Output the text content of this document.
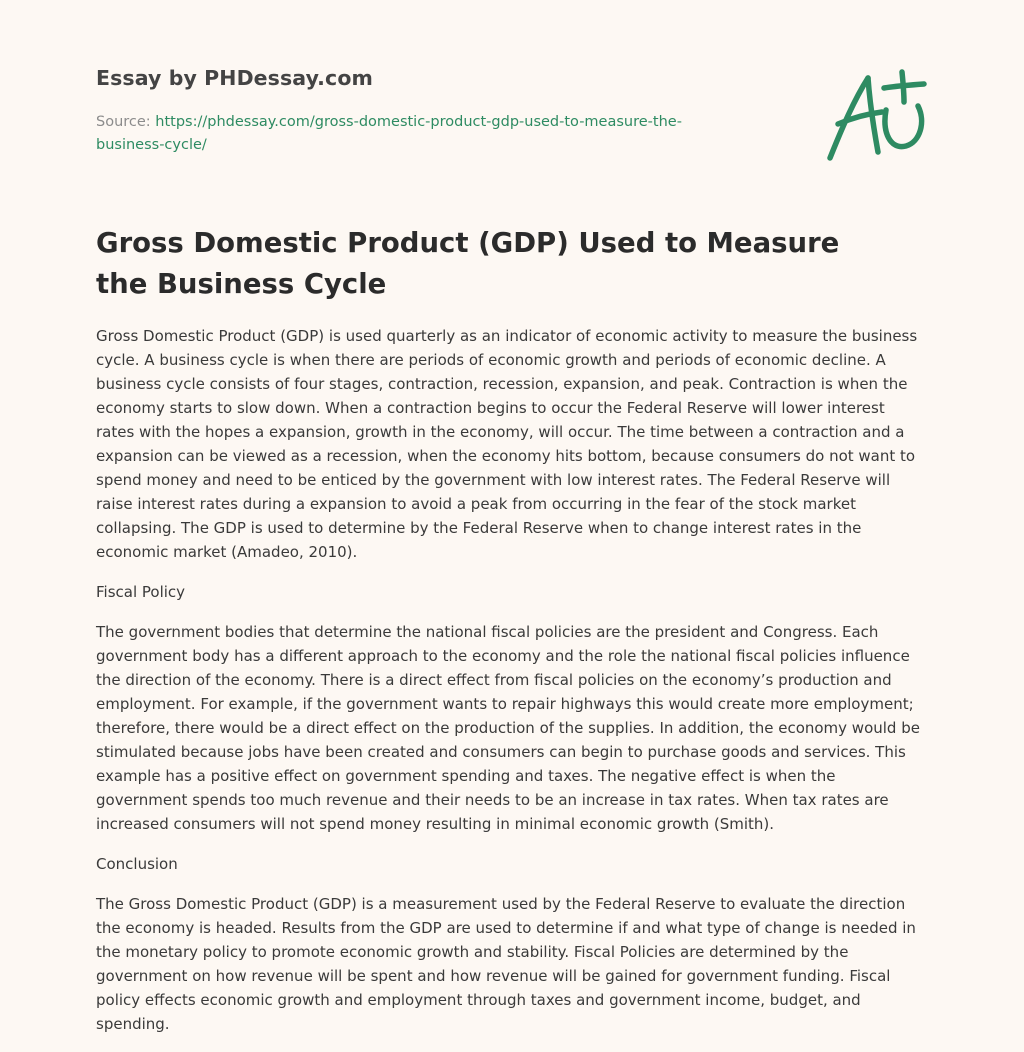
Essay by PHDessay.com
Source: https://phdessay.com/gross-domestic-product-gdp-used-to-measure-the-business-cycle/
Gross Domestic Product (GDP) Used to Measure the Business Cycle

Gross Domestic Product (GDP) is used quarterly as an indicator of economic activity to measure the business cycle. A business cycle is when there are periods of economic growth and periods of economic decline. A business cycle consists of four stages, contraction, recession, expansion, and peak. Contraction is when the economy starts to slow down. When a contraction begins to occur the Federal Reserve will lower interest rates with the hopes a expansion, growth in the economy, will occur. The time between a contraction and a expansion can be viewed as a recession, when the economy hits bottom, because consumers do not want to spend money and need to be enticed by the government with low interest rates. The Federal Reserve will raise interest rates during a expansion to avoid a peak from occurring in the fear of the stock market collapsing. The GDP is used to determine by the Federal Reserve when to change interest rates in the economic market (Amadeo, 2010).

Fiscal Policy

The government bodies that determine the national fiscal policies are the president and Congress. Each government body has a different approach to the economy and the role the national fiscal policies influence the direction of the economy. There is a direct effect from fiscal policies on the economy’s production and employment. For example, if the government wants to repair highways this would create more employment; therefore, there would be a direct effect on the production of the supplies. In addition, the economy would be stimulated because jobs have been created and consumers can begin to purchase goods and services. This example has a positive effect on government spending and taxes. The negative effect is when the government spends too much revenue and their needs to be an increase in tax rates. When tax rates are increased consumers will not spend money resulting in minimal economic growth (Smith).

Conclusion

The Gross Domestic Product (GDP) is a measurement used by the Federal Reserve to evaluate the direction the economy is headed. Results from the GDP are used to determine if and what type of change is needed in the monetary policy to promote economic growth and stability. Fiscal Policies are determined by the government on how revenue will be spent and how revenue will be gained for government funding. Fiscal policy effects economic growth and employment through taxes and government income, budget, and spending.
